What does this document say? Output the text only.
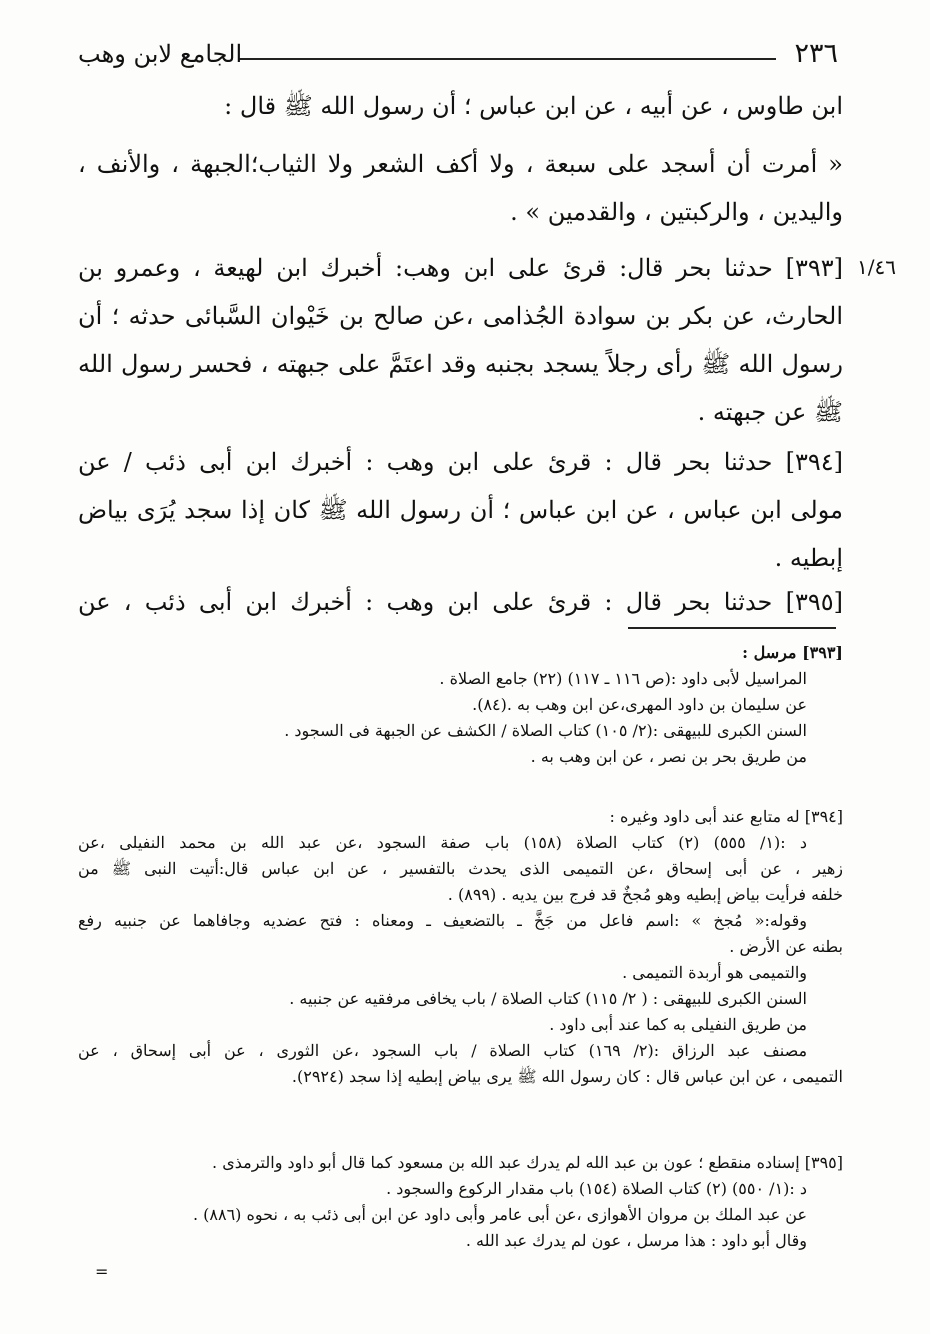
٢٣٦
الجامع لابن وهب
١/٤٦
ابن طاوس ، عن أبيه ، عن ابن عباس ؛ أن رسول الله ﷺ قال :
« أمرت أن أسجد على سبعة ، ولا أكف الشعر ولا الثياب؛الجبهة ، والأنف ،
واليدين ، والركبتين ، والقدمين » .
[٣٩٣] حدثنا بحر قال: قرئ على ابن وهب: أخبرك ابن لهيعة ، وعمرو بن
الحارث، عن بكر بن سوادة الجُذامى ،عن صالح بن خَيْوان السَّبائى حدثه ؛ أن
رسول الله ﷺ رأى رجلاً يسجد بجنبه وقد اعتَمَّ على جبهته ، فحسر رسول الله
ﷺ عن جبهته .
[٣٩٤] حدثنا بحر قال : قرئ على ابن وهب : أخبرك ابن أبى ذئب / عن
مولى ابن عباس ، عن ابن عباس ؛ أن رسول الله ﷺ كان إذا سجد يُرَى بياض
إبطيه .
[٣٩٥] حدثنا بحر قال : قرئ على ابن وهب : أخبرك ابن أبى ذئب ، عن
[٣٩٣] مرسل :
المراسيل لأبى داود :(ص ١١٦ ـ ١١٧) (٢٢) جامع الصلاة .
عن سليمان بن داود المهرى،عن ابن وهب به .(٨٤).
السنن الكبرى للبيهقى :(٢/ ١٠٥) كتاب الصلاة / الكشف عن الجبهة فى السجود .
من طريق بحر بن نصر ، عن ابن وهب به .
[٣٩٤] له متابع عند أبى داود وغيره :
د :(١/ ٥٥٥) (٢) كتاب الصلاة (١٥٨) باب صفة السجود ،عن عبد الله بن محمد النفيلى ،عن
زهير ، عن أبى إسحاق ،عن التميمى الذى يحدث بالتفسير ، عن ابن عباس قال:أتيت النبى ﷺ من
خلفه فرأيت بياض إبطيه وهو مُجخٌ قد فرج بين يديه . (٨٩٩) .
وقوله:« مُجخ » :اسم فاعل من جَخَّ ـ بالتضعيف ـ ومعناه : فتح عضديه وجافاهما عن جنبيه رفع
بطنه عن الأرض .
والتميمى هو أربدة التميمى .
السنن الكبرى للبيهقى : ( ٢/ ١١٥) كتاب الصلاة / باب يخافى مرفقيه عن جنبيه .
من طريق النفيلى به كما عند أبى داود .
مصنف عبد الرزاق :(٢/ ١٦٩) كتاب الصلاة / باب السجود ،عن الثورى ، عن أبى إسحاق ، عن
التميمى ، عن ابن عباس قال : كان رسول الله ﷺ يرى بياض إبطيه إذا سجد (٢٩٢٤).
[٣٩٥] إسناده منقطع ؛ عون بن عبد الله لم يدرك عبد الله بن مسعود كما قال أبو داود والترمذى .
د :(١/ ٥٥٠) (٢) كتاب الصلاة (١٥٤) باب مقدار الركوع والسجود .
عن عبد الملك بن مروان الأهوازى ،عن أبى عامر وأبى داود عن ابن أبى ذئب به ، نحوه (٨٨٦) .
وقال أبو داود : هذا مرسل ، عون لم يدرك عبد الله .
=
